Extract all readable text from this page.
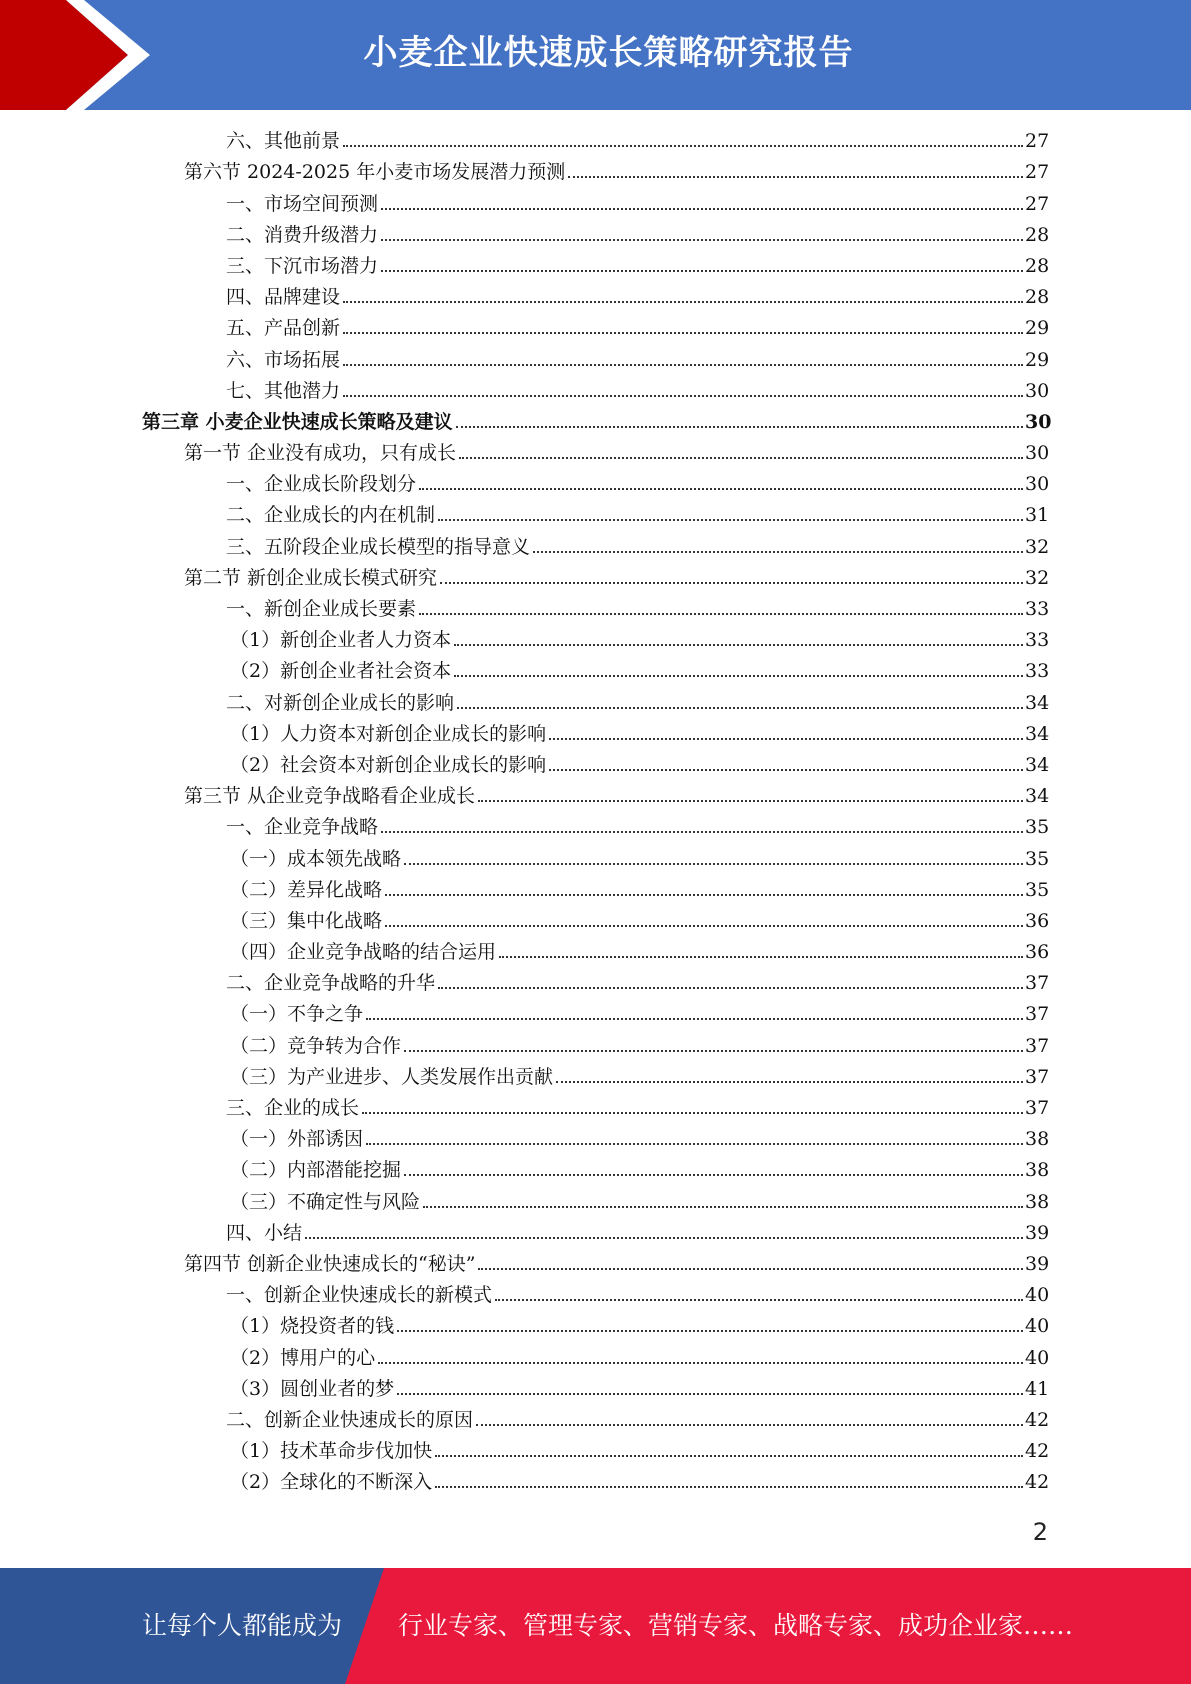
小麦企业快速成长策略研究报告
六、其他前景	27
第六节 2024-2025 年小麦市场发展潜力预测	27
一、市场空间预测	27
二、消费升级潜力	28
三、下沉市场潜力	28
四、品牌建设	28
五、产品创新	29
六、市场拓展	29
七、其他潜力	30
第三章 小麦企业快速成长策略及建议	30
第一节 企业没有成功，只有成长	30
一、企业成长阶段划分	30
二、企业成长的内在机制	31
三、五阶段企业成长模型的指导意义	32
第二节 新创企业成长模式研究	32
一、新创企业成长要素	33
（1）新创企业者人力资本	33
（2）新创企业者社会资本	33
二、对新创企业成长的影响	34
（1）人力资本对新创企业成长的影响	34
（2）社会资本对新创企业成长的影响	34
第三节 从企业竞争战略看企业成长	34
一、企业竞争战略	35
（一）成本领先战略	35
（二）差异化战略	35
（三）集中化战略	36
（四）企业竞争战略的结合运用	36
二、企业竞争战略的升华	37
（一）不争之争	37
（二）竞争转为合作	37
（三）为产业进步、人类发展作出贡献	37
三、企业的成长	37
（一）外部诱因	38
（二）内部潜能挖掘	38
（三）不确定性与风险	38
四、小结	39
第四节 创新企业快速成长的“秘诀”	39
一、创新企业快速成长的新模式	40
（1）烧投资者的钱	40
（2）博用户的心	40
（3）圆创业者的梦	41
二、创新企业快速成长的原因	42
（1）技术革命步伐加快	42
（2）全球化的不断深入	42
2
让每个人都能成为 行业专家、管理专家、营销专家、战略专家、成功企业家……
